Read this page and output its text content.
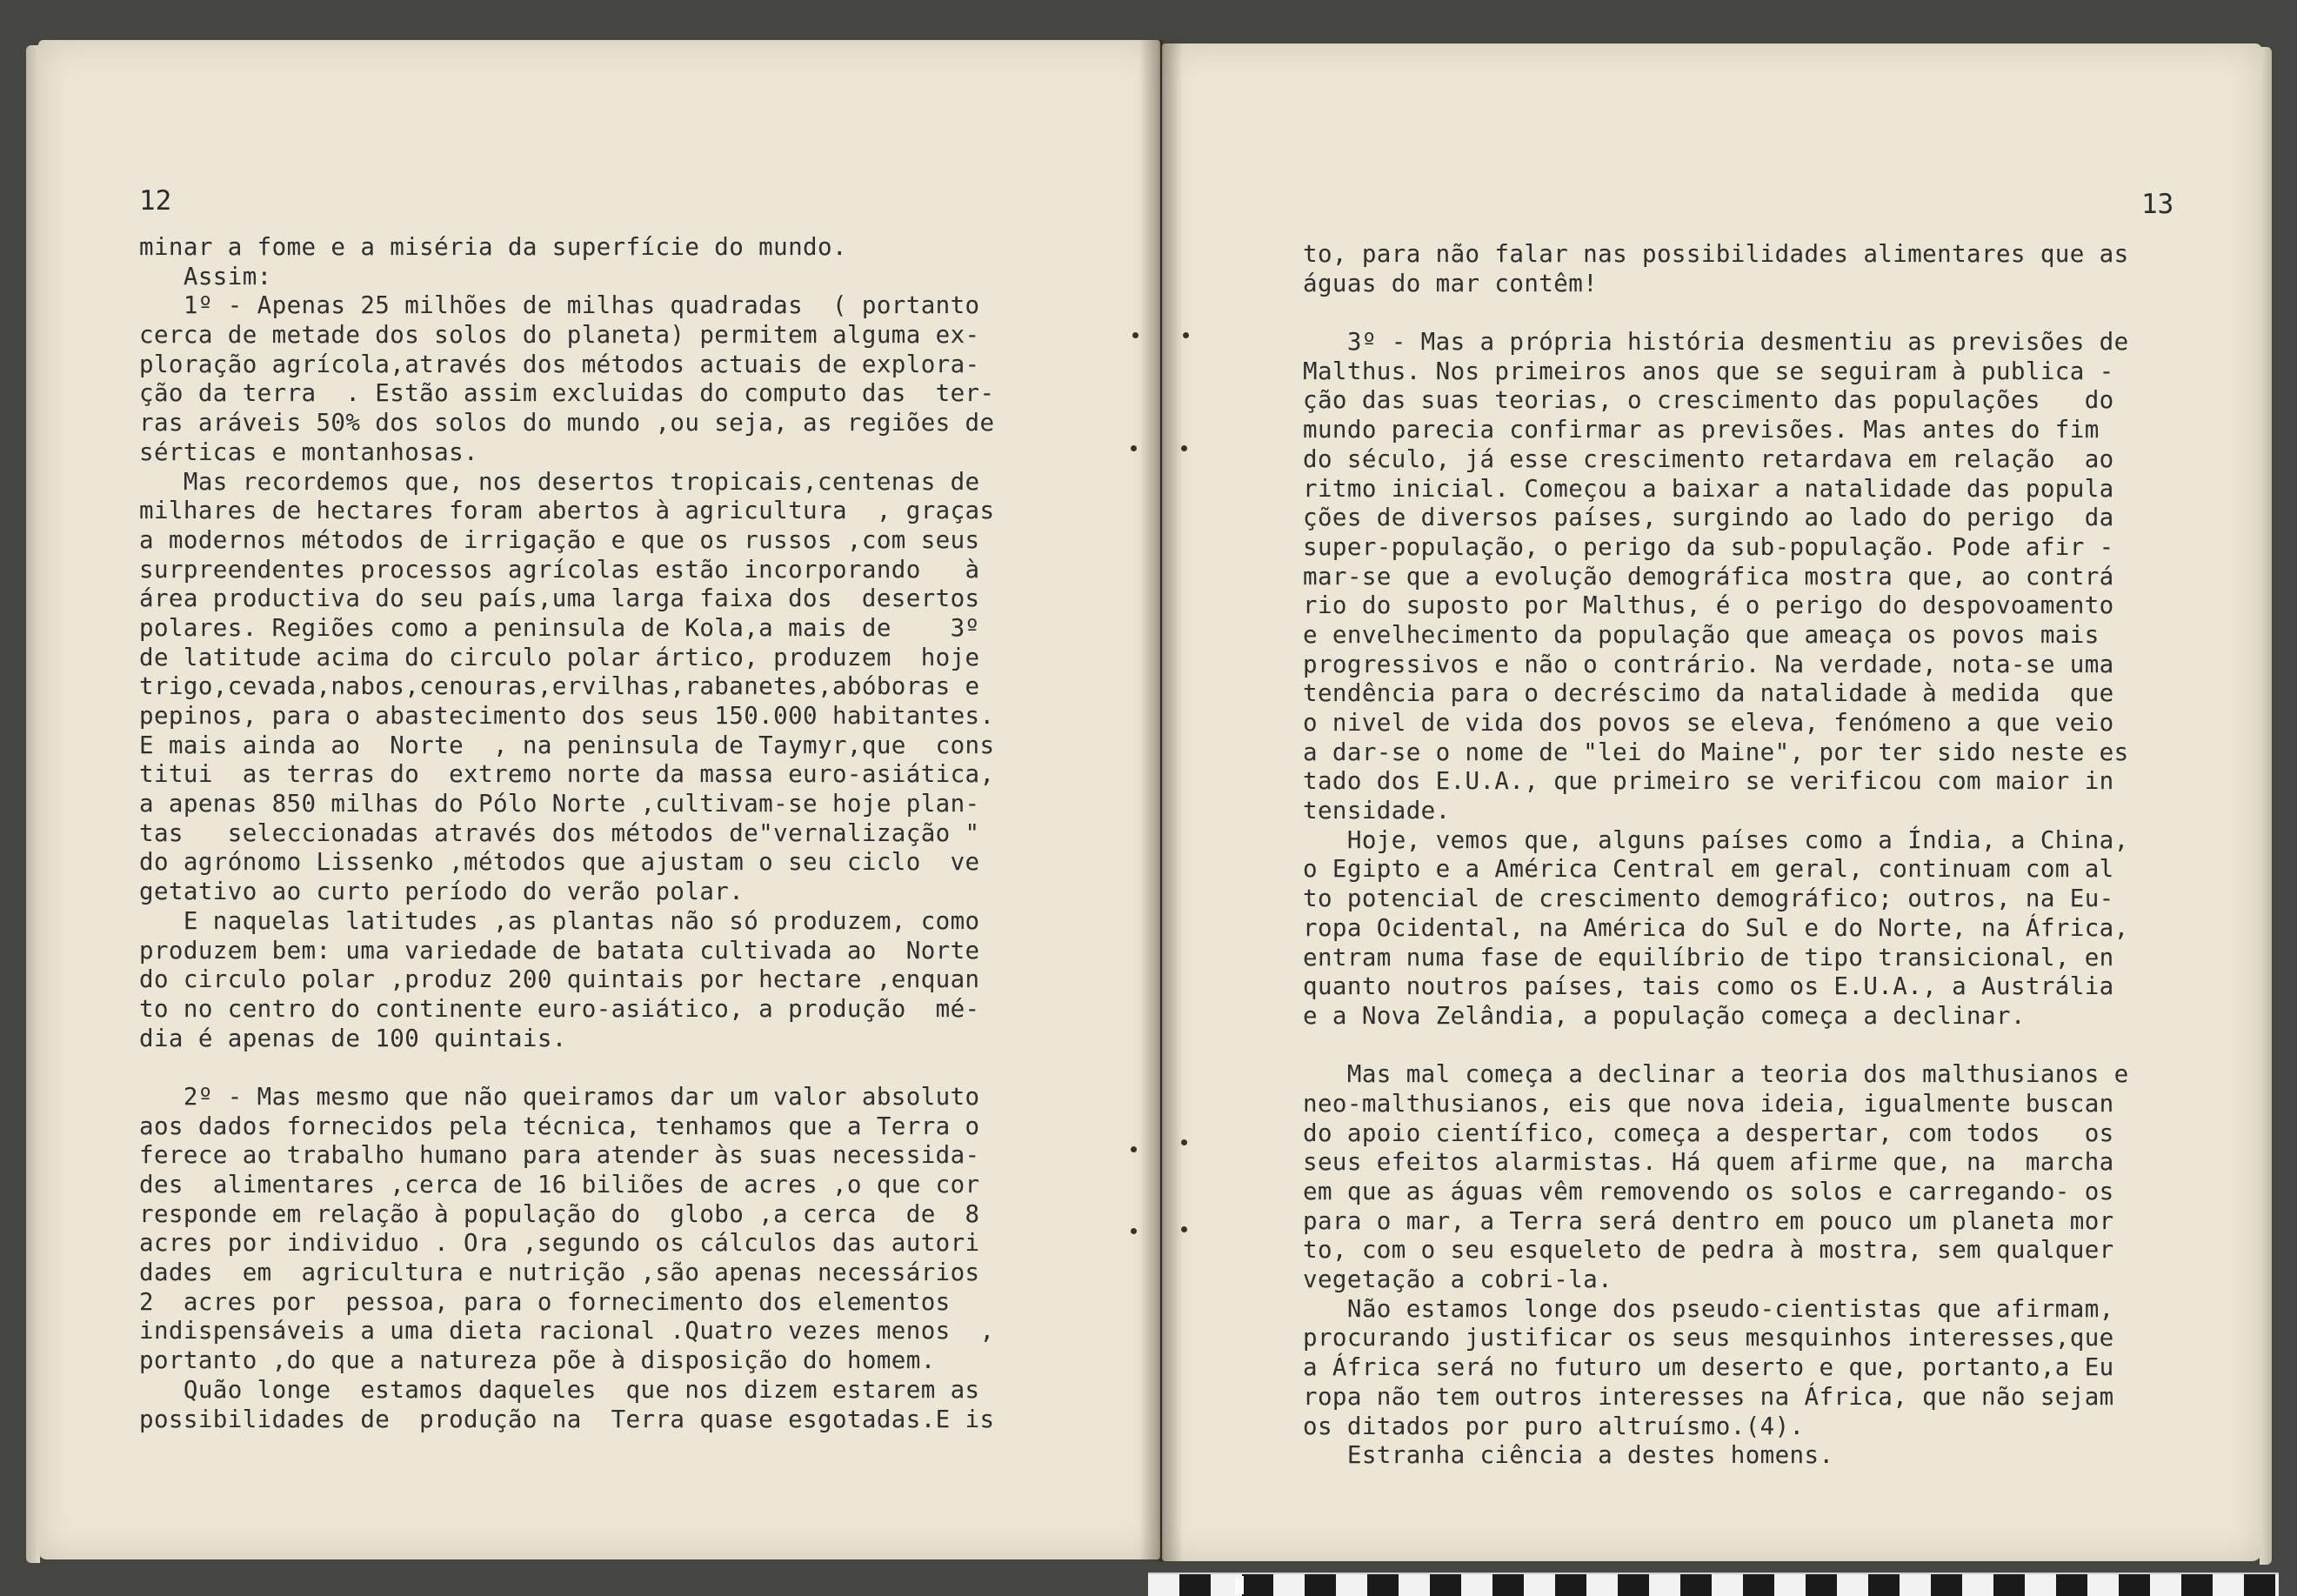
12
minar a fome e a miséria da superfície do mundo.
Assim:
1º - Apenas 25 milhões de milhas quadradas  ( portanto
cerca de metade dos solos do planeta) permitem alguma ex-
ploração agrícola,através dos métodos actuais de explora-
ção da terra  . Estão assim excluidas do computo das  ter-
ras aráveis 50% dos solos do mundo ,ou seja, as regiões de
sérticas e montanhosas.
Mas recordemos que, nos desertos tropicais,centenas de
milhares de hectares foram abertos à agricultura  , graças
a modernos métodos de irrigação e que os russos ,com seus
surpreendentes processos agrícolas estão incorporando   à
área productiva do seu país,uma larga faixa dos  desertos
polares. Regiões como a peninsula de Kola,a mais de    3º
de latitude acima do circulo polar ártico, produzem  hoje
trigo,cevada,nabos,cenouras,ervilhas,rabanetes,abóboras e
pepinos, para o abastecimento dos seus 150.000 habitantes.
E mais ainda ao  Norte  , na peninsula de Taymyr,que  cons
titui  as terras do  extremo norte da massa euro-asiática,
a apenas 850 milhas do Pólo Norte ,cultivam-se hoje plan-
tas   seleccionadas através dos métodos de"vernalização "
do agrónomo Lissenko ,métodos que ajustam o seu ciclo  ve
getativo ao curto período do verão polar.
E naquelas latitudes ,as plantas não só produzem, como
produzem bem: uma variedade de batata cultivada ao  Norte
do circulo polar ,produz 200 quintais por hectare ,enquan
to no centro do continente euro-asiático, a produção  mé-
dia é apenas de 100 quintais.
2º - Mas mesmo que não queiramos dar um valor absoluto
aos dados fornecidos pela técnica, tenhamos que a Terra o
ferece ao trabalho humano para atender às suas necessida-
des  alimentares ,cerca de 16 biliões de acres ,o que cor
responde em relação à população do  globo ,a cerca  de  8
acres por individuo . Ora ,segundo os cálculos das autori
dades  em  agricultura e nutrição ,são apenas necessários
2  acres por  pessoa, para o fornecimento dos elementos
indispensáveis a uma dieta racional .Quatro vezes menos  ,
portanto ,do que a natureza põe à disposição do homem.
Quão longe  estamos daqueles  que nos dizem estarem as
possibilidades de  produção na  Terra quase esgotadas.E is
13
to, para não falar nas possibilidades alimentares que as
águas do mar contêm!
3º - Mas a própria história desmentiu as previsões de
Malthus. Nos primeiros anos que se seguiram à publica -
ção das suas teorias, o crescimento das populações   do
mundo parecia confirmar as previsões. Mas antes do fim
do século, já esse crescimento retardava em relação  ao
ritmo inicial. Começou a baixar a natalidade das popula
ções de diversos países, surgindo ao lado do perigo  da
super-população, o perigo da sub-população. Pode afir -
mar-se que a evolução demográfica mostra que, ao contrá
rio do suposto por Malthus, é o perigo do despovoamento
e envelhecimento da população que ameaça os povos mais
progressivos e não o contrário. Na verdade, nota-se uma
tendência para o decréscimo da natalidade à medida  que
o nivel de vida dos povos se eleva, fenómeno a que veio
a dar-se o nome de "lei do Maine", por ter sido neste es
tado dos E.U.A., que primeiro se verificou com maior in
tensidade.
Hoje, vemos que, alguns países como a Índia, a China,
o Egipto e a América Central em geral, continuam com al
to potencial de crescimento demográfico; outros, na Eu-
ropa Ocidental, na América do Sul e do Norte, na África,
entram numa fase de equilíbrio de tipo transicional, en
quanto noutros países, tais como os E.U.A., a Austrália
e a Nova Zelândia, a população começa a declinar.
Mas mal começa a declinar a teoria dos malthusianos e
neo-malthusianos, eis que nova ideia, igualmente buscan
do apoio científico, começa a despertar, com todos   os
seus efeitos alarmistas. Há quem afirme que, na  marcha
em que as águas vêm removendo os solos e carregando- os
para o mar, a Terra será dentro em pouco um planeta mor
to, com o seu esqueleto de pedra à mostra, sem qualquer
vegetação a cobri-la.
Não estamos longe dos pseudo-cientistas que afirmam,
procurando justificar os seus mesquinhos interesses,que
a África será no futuro um deserto e que, portanto,a Eu
ropa não tem outros interesses na África, que não sejam
os ditados por puro altruísmo.(4).
Estranha ciência a destes homens.
